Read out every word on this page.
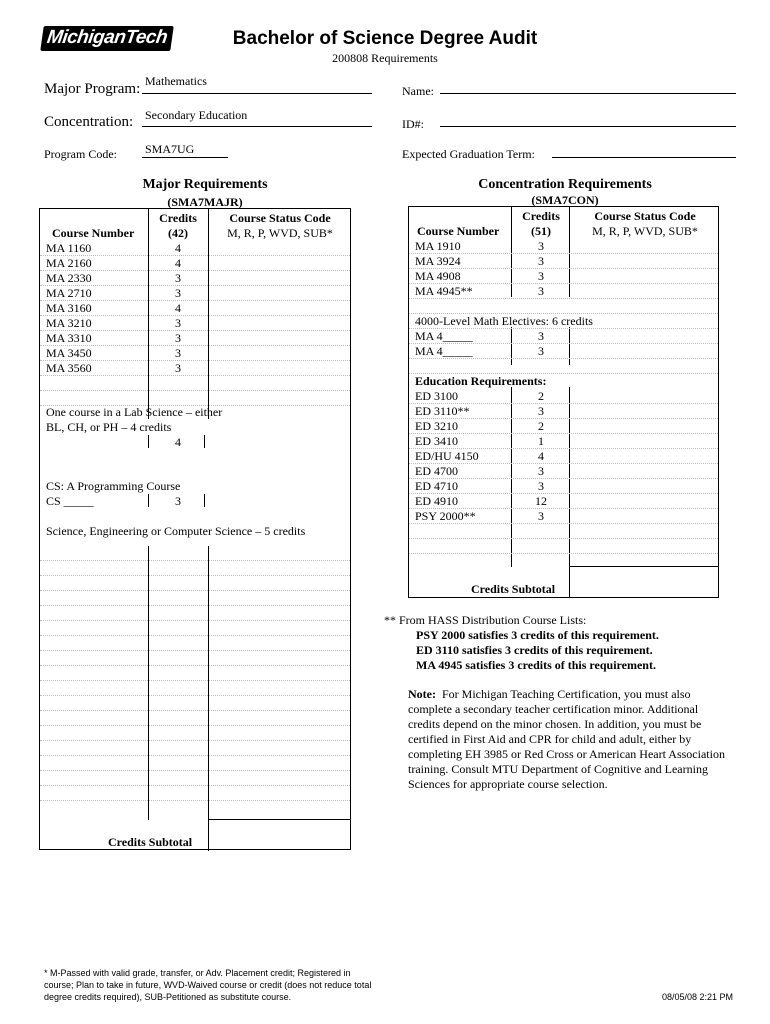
MichiganTech	Bachelor of Science Degree Audit
200808 Requirements
Major Program: Mathematics
Concentration: Secondary Education
Program Code: SMA7UG
Name:
ID#:
Expected Graduation Term:
Major Requirements
(SMA7MAJR)
Credits
(42)
Course Status Code
M, R, P, WVD, SUB*
Course Number
MA 1160	4
MA 2160	4
MA 2330	3
MA 2710	3
MA 3160	4
MA 3210	3
MA 3310	3
MA 3450	3
MA 3560	3
One course in a Lab Science – either
BL, CH, or PH – 4 credits
4
CS: A Programming Course
CS _____	3
Science, Engineering or Computer Science – 5 credits
Credits Subtotal
Concentration Requirements
(SMA7CON)
Credits
(51)
Course Status Code
M, R, P, WVD, SUB*
Course Number
MA 1910	3
MA 3924	3
MA 4908	3
MA 4945**	3
4000-Level Math Electives: 6 credits
MA 4_____	3
MA 4_____	3
Education Requirements:
ED 3100	2
ED 3110**	3
ED 3210	2
ED 3410	1
ED/HU 4150	4
ED 4700	3
ED 4710	3
ED 4910	12
PSY 2000**	3
Credits Subtotal
** From HASS Distribution Course Lists:
PSY 2000 satisfies 3 credits of this requirement.
ED 3110 satisfies 3 credits of this requirement.
MA 4945 satisfies 3 credits of this requirement.
Note: For Michigan Teaching Certification, you must also
complete a secondary teacher certification minor. Additional
credits depend on the minor chosen. In addition, you must be
certified in First Aid and CPR for child and adult, either by
completing EH 3985 or Red Cross or American Heart Association
training. Consult MTU Department of Cognitive and Learning
Sciences for appropriate course selection.
* M-Passed with valid grade, transfer, or Adv. Placement credit; Registered in
course; Plan to take in future, WVD-Waived course or credit (does not reduce total
degree credits required), SUB-Petitioned as substitute course.	08/05/08 2:21 PM
